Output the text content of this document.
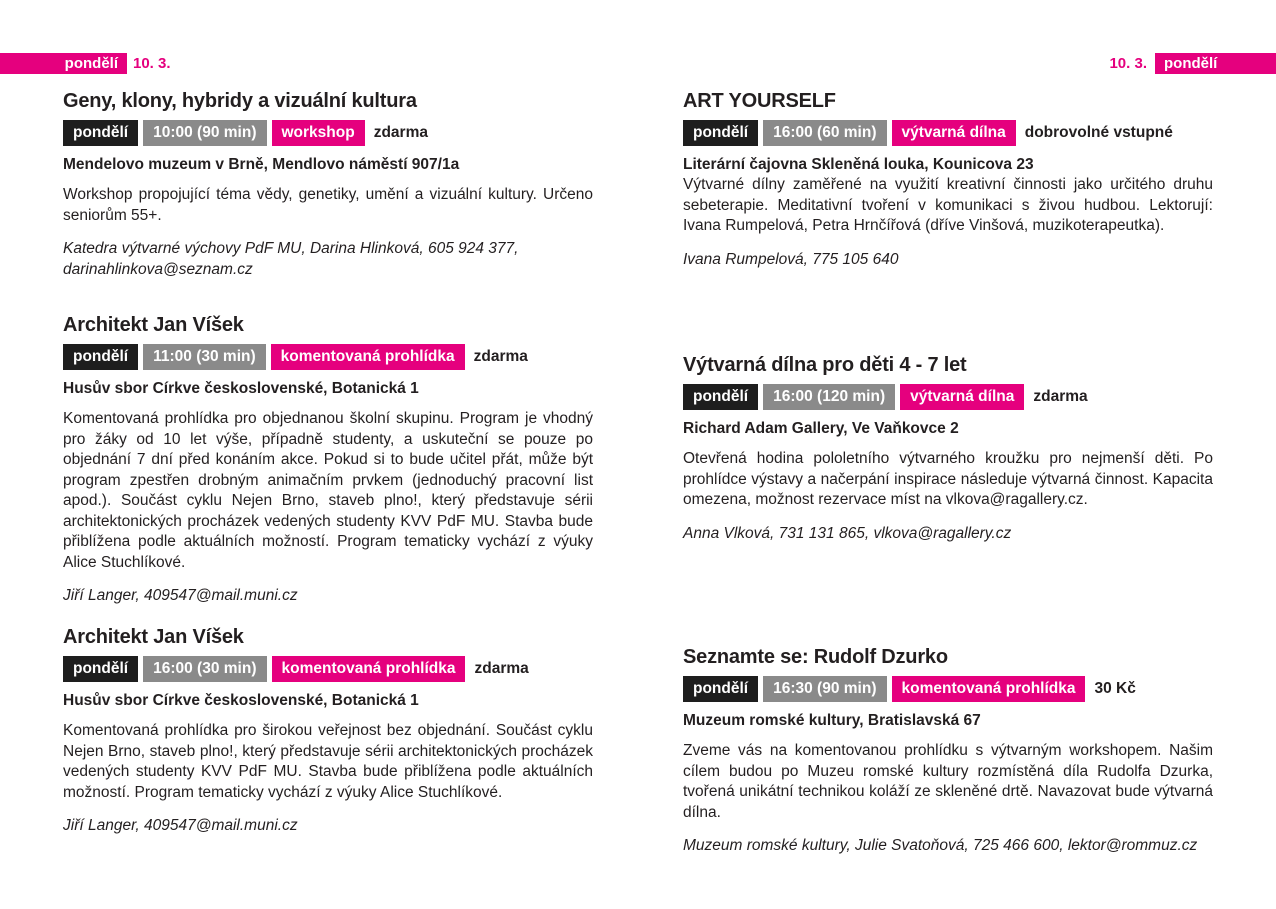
pondělí	10. 3.	10. 3.	pondělí
Geny, klony, hybridy a vizuální kultura
pondělí	10:00 (90 min)	workshop	zdarma
Mendelovo muzeum v Brně, Mendlovo náměstí 907/1a

Workshop propojující téma vědy, genetiky, umění a vizuální kultury. Určeno seniorům 55+.

Katedra výtvarné výchovy PdF MU, Darina Hlinková, 605 924 377, darinahlinkova@seznam.cz

Architekt Jan Víšek
pondělí	11:00 (30 min)	komentovaná prohlídka	zdarma
Husův sbor Církve československé, Botanická 1

Komentovaná prohlídka pro objednanou školní skupinu. Program je vhodný pro žáky od 10 let výše, případně studenty, a uskuteční se pouze po objednání 7 dní před konáním akce. Pokud si to bude učitel přát, může být program zpestřen drobným animačním prvkem (jednoduchý pracovní list apod.). Součást cyklu Nejen Brno, staveb plno!, který představuje sérii architektonických procházek vedených studenty KVV PdF MU. Stavba bude přiblížena podle aktuálních možností. Program tematicky vychází z výuky Alice Stuchlíkové.

Jiří Langer, 409547@mail.muni.cz

Architekt Jan Víšek
pondělí	16:00 (30 min)	komentovaná prohlídka	zdarma
Husův sbor Církve československé, Botanická 1

Komentovaná prohlídka pro širokou veřejnost bez objednání. Součást cyklu Nejen Brno, staveb plno!, který představuje sérii architektonických procházek vedených studenty KVV PdF MU. Stavba bude přiblížena podle aktuálních možností. Program tematicky vychází z výuky Alice Stuchlíkové.

Jiří Langer, 409547@mail.muni.cz

ART YOURSELF
pondělí	16:00 (60 min)	výtvarná dílna	dobrovolné vstupné
Literární čajovna Skleněná louka, Kounicova 23

Výtvarné dílny zaměřené na využití kreativní činnosti jako určitého druhu sebeterapie. Meditativní tvoření v komunikaci s živou hudbou. Lektorují: Ivana Rumpelová, Petra Hrnčířová (dříve Vinšová, muzikoterapeutka).

Ivana Rumpelová, 775 105 640

Výtvarná dílna pro děti 4 - 7 let
pondělí	16:00 (120 min)	výtvarná dílna	zdarma
Richard Adam Gallery, Ve Vaňkovce 2

Otevřená hodina pololetního výtvarného kroužku pro nejmenší děti. Po prohlídce výstavy a načerpání inspirace následuje výtvarná činnost. Kapacita omezena, možnost rezervace míst na vlkova@ragallery.cz.

Anna Vlková, 731 131 865, vlkova@ragallery.cz

Seznamte se: Rudolf Dzurko
pondělí	16:30 (90 min)	komentovaná prohlídka	30 Kč
Muzeum romské kultury, Bratislavská 67

Zveme vás na komentovanou prohlídku s výtvarným workshopem. Našim cílem budou po Muzeu romské kultury rozmístěná díla Rudolfa Dzurka, tvořená unikátní technikou koláží ze skleněné drtě. Navazovat bude výtvarná dílna.

Muzeum romské kultury, Julie Svatoňová, 725 466 600, lektor@rommuz.cz
